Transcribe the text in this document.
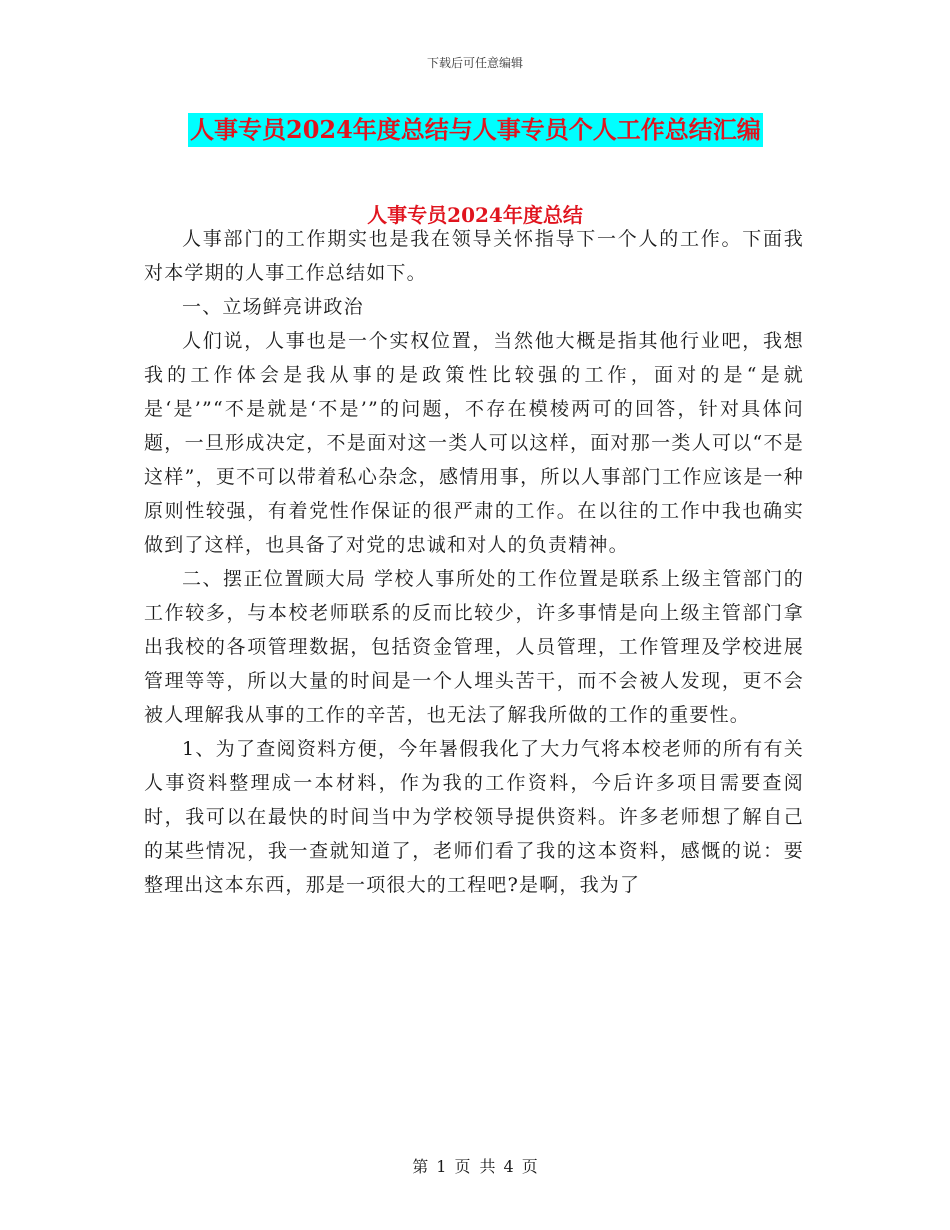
下载后可任意编辑
人事专员2024年度总结与人事专员个人工作总结汇编
人事专员2024年度总结

人事部门的工作期实也是我在领导关怀指导下一个人的工作。下面我对本学期的人事工作总结如下。

一、立场鲜亮讲政治

人们说，人事也是一个实权位置，当然他大概是指其他行业吧，我想我的工作体会是我从事的是政策性比较强的工作，面对的是“是就是‘是’”“不是就是‘不是’”的问题，不存在模棱两可的回答，针对具体问题，一旦形成决定，不是面对这一类人可以这样，面对那一类人可以“不是这样”，更不可以带着私心杂念，感情用事，所以人事部门工作应该是一种原则性较强，有着党性作保证的很严肃的工作。在以往的工作中我也确实做到了这样，也具备了对党的忠诚和对人的负责精神。

二、摆正位置顾大局 学校人事所处的工作位置是联系上级主管部门的工作较多，与本校老师联系的反而比较少，许多事情是向上级主管部门拿出我校的各项管理数据，包括资金管理，人员管理，工作管理及学校进展管理等等，所以大量的时间是一个人埋头苦干，而不会被人发现，更不会被人理解我从事的工作的辛苦，也无法了解我所做的工作的重要性。

1、为了查阅资料方便，今年暑假我化了大力气将本校老师的所有有关人事资料整理成一本材料，作为我的工作资料，今后许多项目需要查阅时，我可以在最快的时间当中为学校领导提供资料。许多老师想了解自己的某些情况，我一查就知道了，老师们看了我的这本资料，感慨的说：要整理出这本东西，那是一项很大的工程吧?是啊，我为了

第 1 页 共 4 页
